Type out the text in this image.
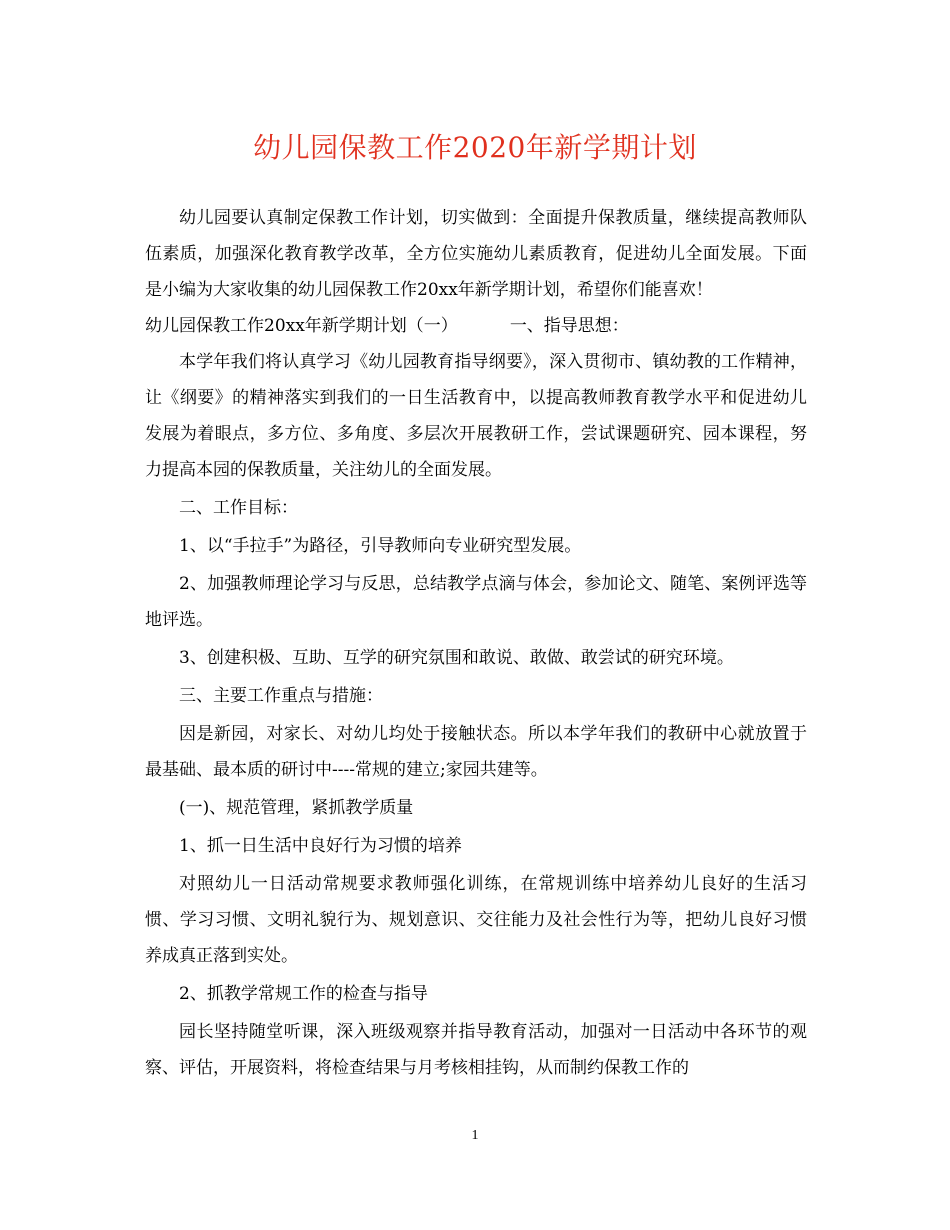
幼儿园保教工作2020年新学期计划

幼儿园要认真制定保教工作计划，切实做到：全面提升保教质量，继续提高教师队伍素质，加强深化教育教学改革，全方位实施幼儿素质教育，促进幼儿全面发展。下面是小编为大家收集的幼儿园保教工作20xx年新学期计划，希望你们能喜欢！

幼儿园保教工作20xx年新学期计划（一）	一、指导思想：

本学年我们将认真学习《幼儿园教育指导纲要》，深入贯彻市、镇幼教的工作精神，让《纲要》的精神落实到我们的一日生活教育中，以提高教师教育教学水平和促进幼儿发展为着眼点，多方位、多角度、多层次开展教研工作，尝试课题研究、园本课程，努力提高本园的保教质量，关注幼儿的全面发展。

二、工作目标：

1、以“手拉手”为路径，引导教师向专业研究型发展。

2、加强教师理论学习与反思，总结教学点滴与体会，参加论文、随笔、案例评选等地评选。

3、创建积极、互助、互学的研究氛围和敢说、敢做、敢尝试的研究环境。

三、主要工作重点与措施：

因是新园，对家长、对幼儿均处于接触状态。所以本学年我们的教研中心就放置于最基础、最本质的研讨中----常规的建立;家园共建等。

(一)、规范管理，紧抓教学质量

1、抓一日生活中良好行为习惯的培养

对照幼儿一日活动常规要求教师强化训练，在常规训练中培养幼儿良好的生活习惯、学习习惯、文明礼貌行为、规划意识、交往能力及社会性行为等，把幼儿良好习惯养成真正落到实处。

2、抓教学常规工作的检查与指导

园长坚持随堂听课，深入班级观察并指导教育活动，加强对一日活动中各环节的观察、评估，开展资料，将检查结果与月考核相挂钩，从而制约保教工作的

1
